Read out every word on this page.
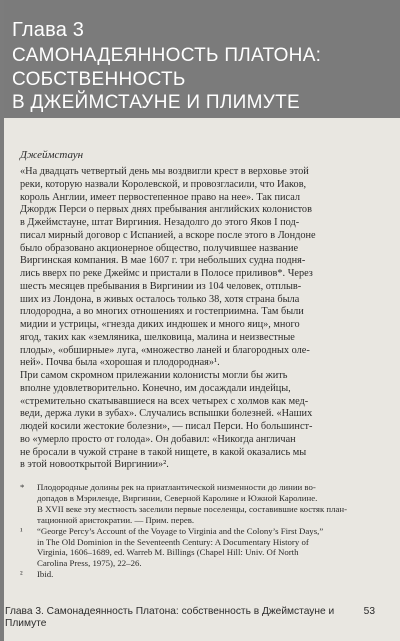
Глава 3
САМОНАДЕЯННОСТЬ ПЛАТОНА:
СОБСТВЕННОСТЬ
В ДЖЕЙМСТАУНЕ И ПЛИМУТЕ
Джеймстаун
«На двадцать четвертый день мы воздвигли крест в верховье этой
реки, которую назвали Королевской, и провозгласили, что Иаков,
король Англии, имеет первостепенное право на нее». Так писал
Джордж Перси о первых днях пребывания английских колонистов
в Джеймстауне, штат Виргиния. Незадолго до этого Яков I под-
писал мирный договор с Испанией, а вскоре после этого в Лондоне
было образовано акционерное общество, получившее название
Виргинская компания. В мае 1607 г. три небольших судна подня-
лись вверх по реке Джеймс и пристали в Полосе приливов*. Через
шесть месяцев пребывания в Виргинии из 104 человек, отплыв-
ших из Лондона, в живых осталось только 38, хотя страна была
плодородна, а во многих отношениях и гостеприимна. Там были
мидии и устрицы, «гнезда диких индюшек и много яиц», много
ягод, таких как «земляника, шелковица, малина и неизвестные
плоды», «обширные» луга, «множество ланей и благородных оле-
ней». Почва была «хорошая и плодородная»¹.
При самом скромном прилежании колонисты могли бы жить
вполне удовлетворительно. Конечно, им досаждали индейцы,
«стремительно скатывавшиеся на всех четырех с холмов как мед-
веди, держа луки в зубах». Случались вспышки болезней. «Наших
людей косили жестокие болезни», — писал Перси. Но большинст-
во «умерло просто от голода». Он добавил: «Никогда англичан
не бросали в чужой стране в такой нищете, в какой оказались мы
в этой новооткрытой Виргинии»².
* Плодородные долины рек на приатлантической низменности до линии во-
допадов в Мэриленде, Виргинии, Северной Каролине и Южной Каролине.
В XVII веке эту местность заселили первые поселенцы, составившие костяк план-
тационной аристократии. — Прим. перев.
¹ “George Percy’s Account of the Voyage to Virginia and the Colony’s First Days,”
in The Old Dominion in the Seventeenth Century: A Documentary History of
Virginia, 1606–1689, ed. Warreb M. Billings (Chapel Hill: Univ. Of North
Carolina Press, 1975), 22–26.
² Ibid.
Глава 3. Самонадеянность Платона: собственность в Джеймстауне и Плимуте
53
